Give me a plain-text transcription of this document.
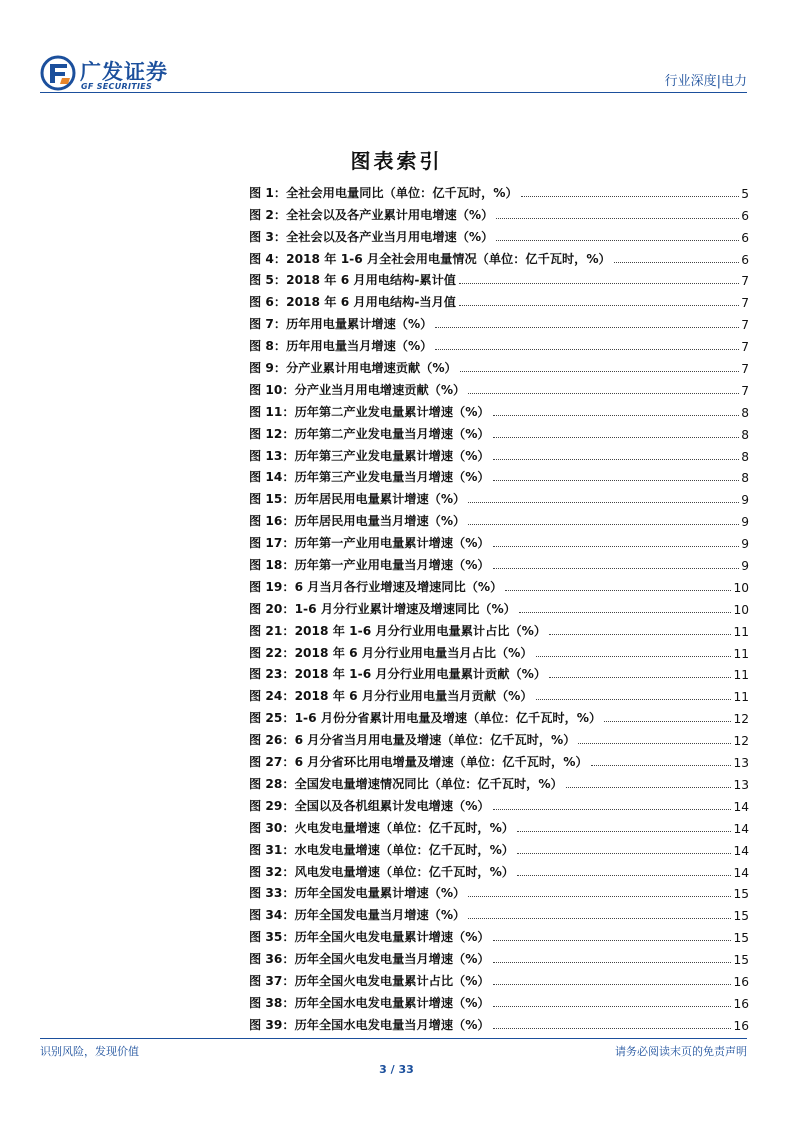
广发证券
GF SECURITIES	行业深度|电力
图表索引
图 1：全社会用电量同比（单位：亿千瓦时，%）	5
图 2：全社会以及各产业累计用电增速（%）	6
图 3：全社会以及各产业当月用电增速（%）	6
图 4：2018 年 1-6 月全社会用电量情况（单位：亿千瓦时，%）	6
图 5：2018 年 6 月用电结构-累计值	7
图 6：2018 年 6 月用电结构-当月值	7
图 7：历年用电量累计增速（%）	7
图 8：历年用电量当月增速（%）	7
图 9：分产业累计用电增速贡献（%）	7
图 10：分产业当月用电增速贡献（%）	7
图 11：历年第二产业发电量累计增速（%）	8
图 12：历年第二产业发电量当月增速（%）	8
图 13：历年第三产业发电量累计增速（%）	8
图 14：历年第三产业发电量当月增速（%）	8
图 15：历年居民用电量累计增速（%）	9
图 16：历年居民用电量当月增速（%）	9
图 17：历年第一产业用电量累计增速（%）	9
图 18：历年第一产业用电量当月增速（%）	9
图 19：6 月当月各行业增速及增速同比（%）	10
图 20：1-6 月分行业累计增速及增速同比（%）	10
图 21：2018 年 1-6 月分行业用电量累计占比（%）	11
图 22：2018 年 6 月分行业用电量当月占比（%）	11
图 23：2018 年 1-6 月分行业用电量累计贡献（%）	11
图 24：2018 年 6 月分行业用电量当月贡献（%）	11
图 25：1-6 月份分省累计用电量及增速（单位：亿千瓦时，%）	12
图 26：6 月分省当月用电量及增速（单位：亿千瓦时，%）	12
图 27：6 月分省环比用电增量及增速（单位：亿千瓦时，%）	13
图 28：全国发电量增速情况同比（单位：亿千瓦时，%）	13
图 29：全国以及各机组累计发电增速（%）	14
图 30：火电发电量增速（单位：亿千瓦时，%）	14
图 31：水电发电量增速（单位：亿千瓦时，%）	14
图 32：风电发电量增速（单位：亿千瓦时，%）	14
图 33：历年全国发电量累计增速（%）	15
图 34：历年全国发电量当月增速（%）	15
图 35：历年全国火电发电量累计增速（%）	15
图 36：历年全国火电发电量当月增速（%）	15
图 37：历年全国火电发电量累计占比（%）	16
图 38：历年全国水电发电量累计增速（%）	16
图 39：历年全国水电发电量当月增速（%）	16
识别风险，发现价值	请务必阅读末页的免责声明
3 / 33
